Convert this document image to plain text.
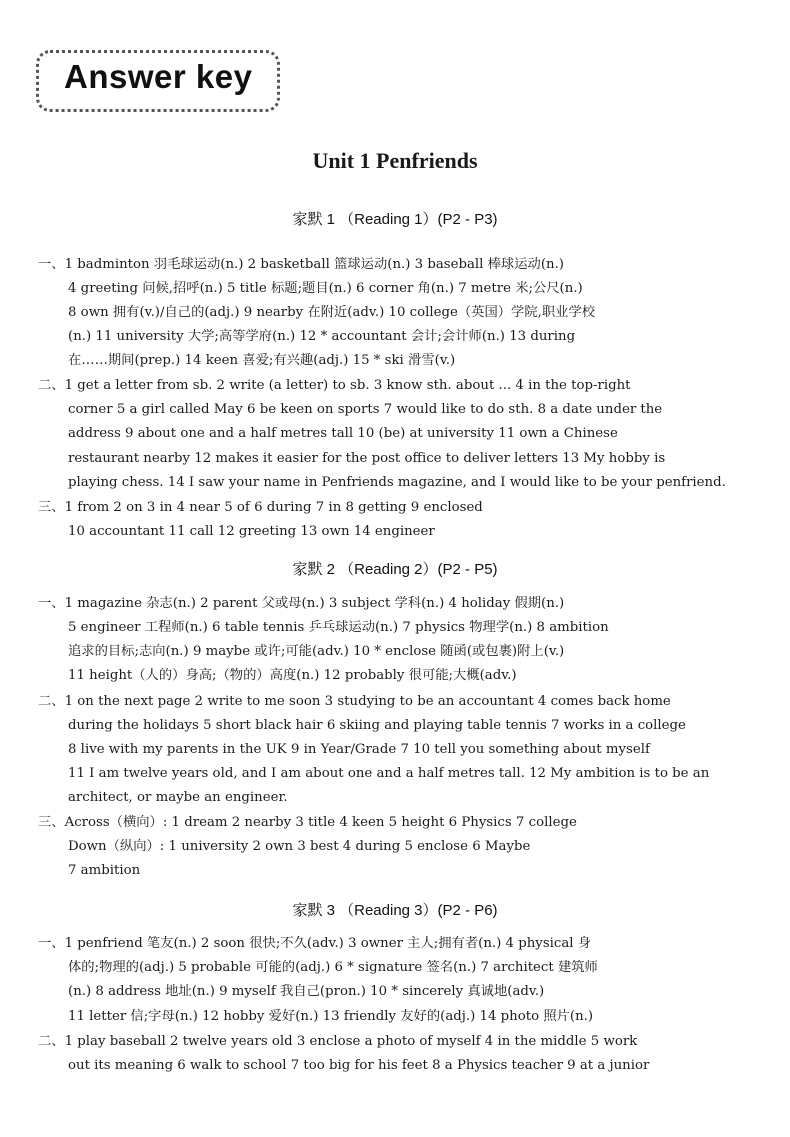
Answer key
Unit 1 Penfriends
家默 1 （Reading 1）(P2 - P3)
一、1 badminton 羽毛球运动(n.) 2 basketball 篮球运动(n.) 3 baseball 棒球运动(n.)
4 greeting 问候,招呼(n.) 5 title 标题;题目(n.) 6 corner 角(n.) 7 metre 米;公尺(n.)
8 own 拥有(v.)/自己的(adj.) 9 nearby 在附近(adv.) 10 college（英国）学院,职业学校
(n.) 11 university 大学;高等学府(n.) 12 * accountant 会计;会计师(n.) 13 during
在……期间(prep.) 14 keen 喜爱;有兴趣(adj.) 15 * ski 滑雪(v.)
二、1 get a letter from sb. 2 write (a letter) to sb. 3 know sth. about ... 4 in the top-right
corner 5 a girl called May 6 be keen on sports 7 would like to do sth. 8 a date under the
address 9 about one and a half metres tall 10 (be) at university 11 own a Chinese
restaurant nearby 12 makes it easier for the post office to deliver letters 13 My hobby is
playing chess. 14 I saw your name in Penfriends magazine, and I would like to be your penfriend.
三、1 from 2 on 3 in 4 near 5 of 6 during 7 in 8 getting 9 enclosed
10 accountant 11 call 12 greeting 13 own 14 engineer
家默 2 （Reading 2）(P2 - P5)
一、1 magazine 杂志(n.) 2 parent 父或母(n.) 3 subject 学科(n.) 4 holiday 假期(n.)
5 engineer 工程师(n.) 6 table tennis 乒乓球运动(n.) 7 physics 物理学(n.) 8 ambition
追求的目标;志向(n.) 9 maybe 或许;可能(adv.) 10 * enclose 随函(或包裹)附上(v.)
11 height（人的）身高;（物的）高度(n.) 12 probably 很可能;大概(adv.)
二、1 on the next page 2 write to me soon 3 studying to be an accountant 4 comes back home
during the holidays 5 short black hair 6 skiing and playing table tennis 7 works in a college
8 live with my parents in the UK 9 in Year/Grade 7 10 tell you something about myself
11 I am twelve years old, and I am about one and a half metres tall. 12 My ambition is to be an
architect, or maybe an engineer.
三、Across（横向）: 1 dream 2 nearby 3 title 4 keen 5 height 6 Physics 7 college
Down（纵向）: 1 university 2 own 3 best 4 during 5 enclose 6 Maybe
7 ambition
家默 3 （Reading 3）(P2 - P6)
一、1 penfriend 笔友(n.) 2 soon 很快;不久(adv.) 3 owner 主人;拥有者(n.) 4 physical 身
体的;物理的(adj.) 5 probable 可能的(adj.) 6 * signature 签名(n.) 7 architect 建筑师
(n.) 8 address 地址(n.) 9 myself 我自己(pron.) 10 * sincerely 真诚地(adv.)
11 letter 信;字母(n.) 12 hobby 爱好(n.) 13 friendly 友好的(adj.) 14 photo 照片(n.)
二、1 play baseball 2 twelve years old 3 enclose a photo of myself 4 in the middle 5 work
out its meaning 6 walk to school 7 too big for his feet 8 a Physics teacher 9 at a junior
